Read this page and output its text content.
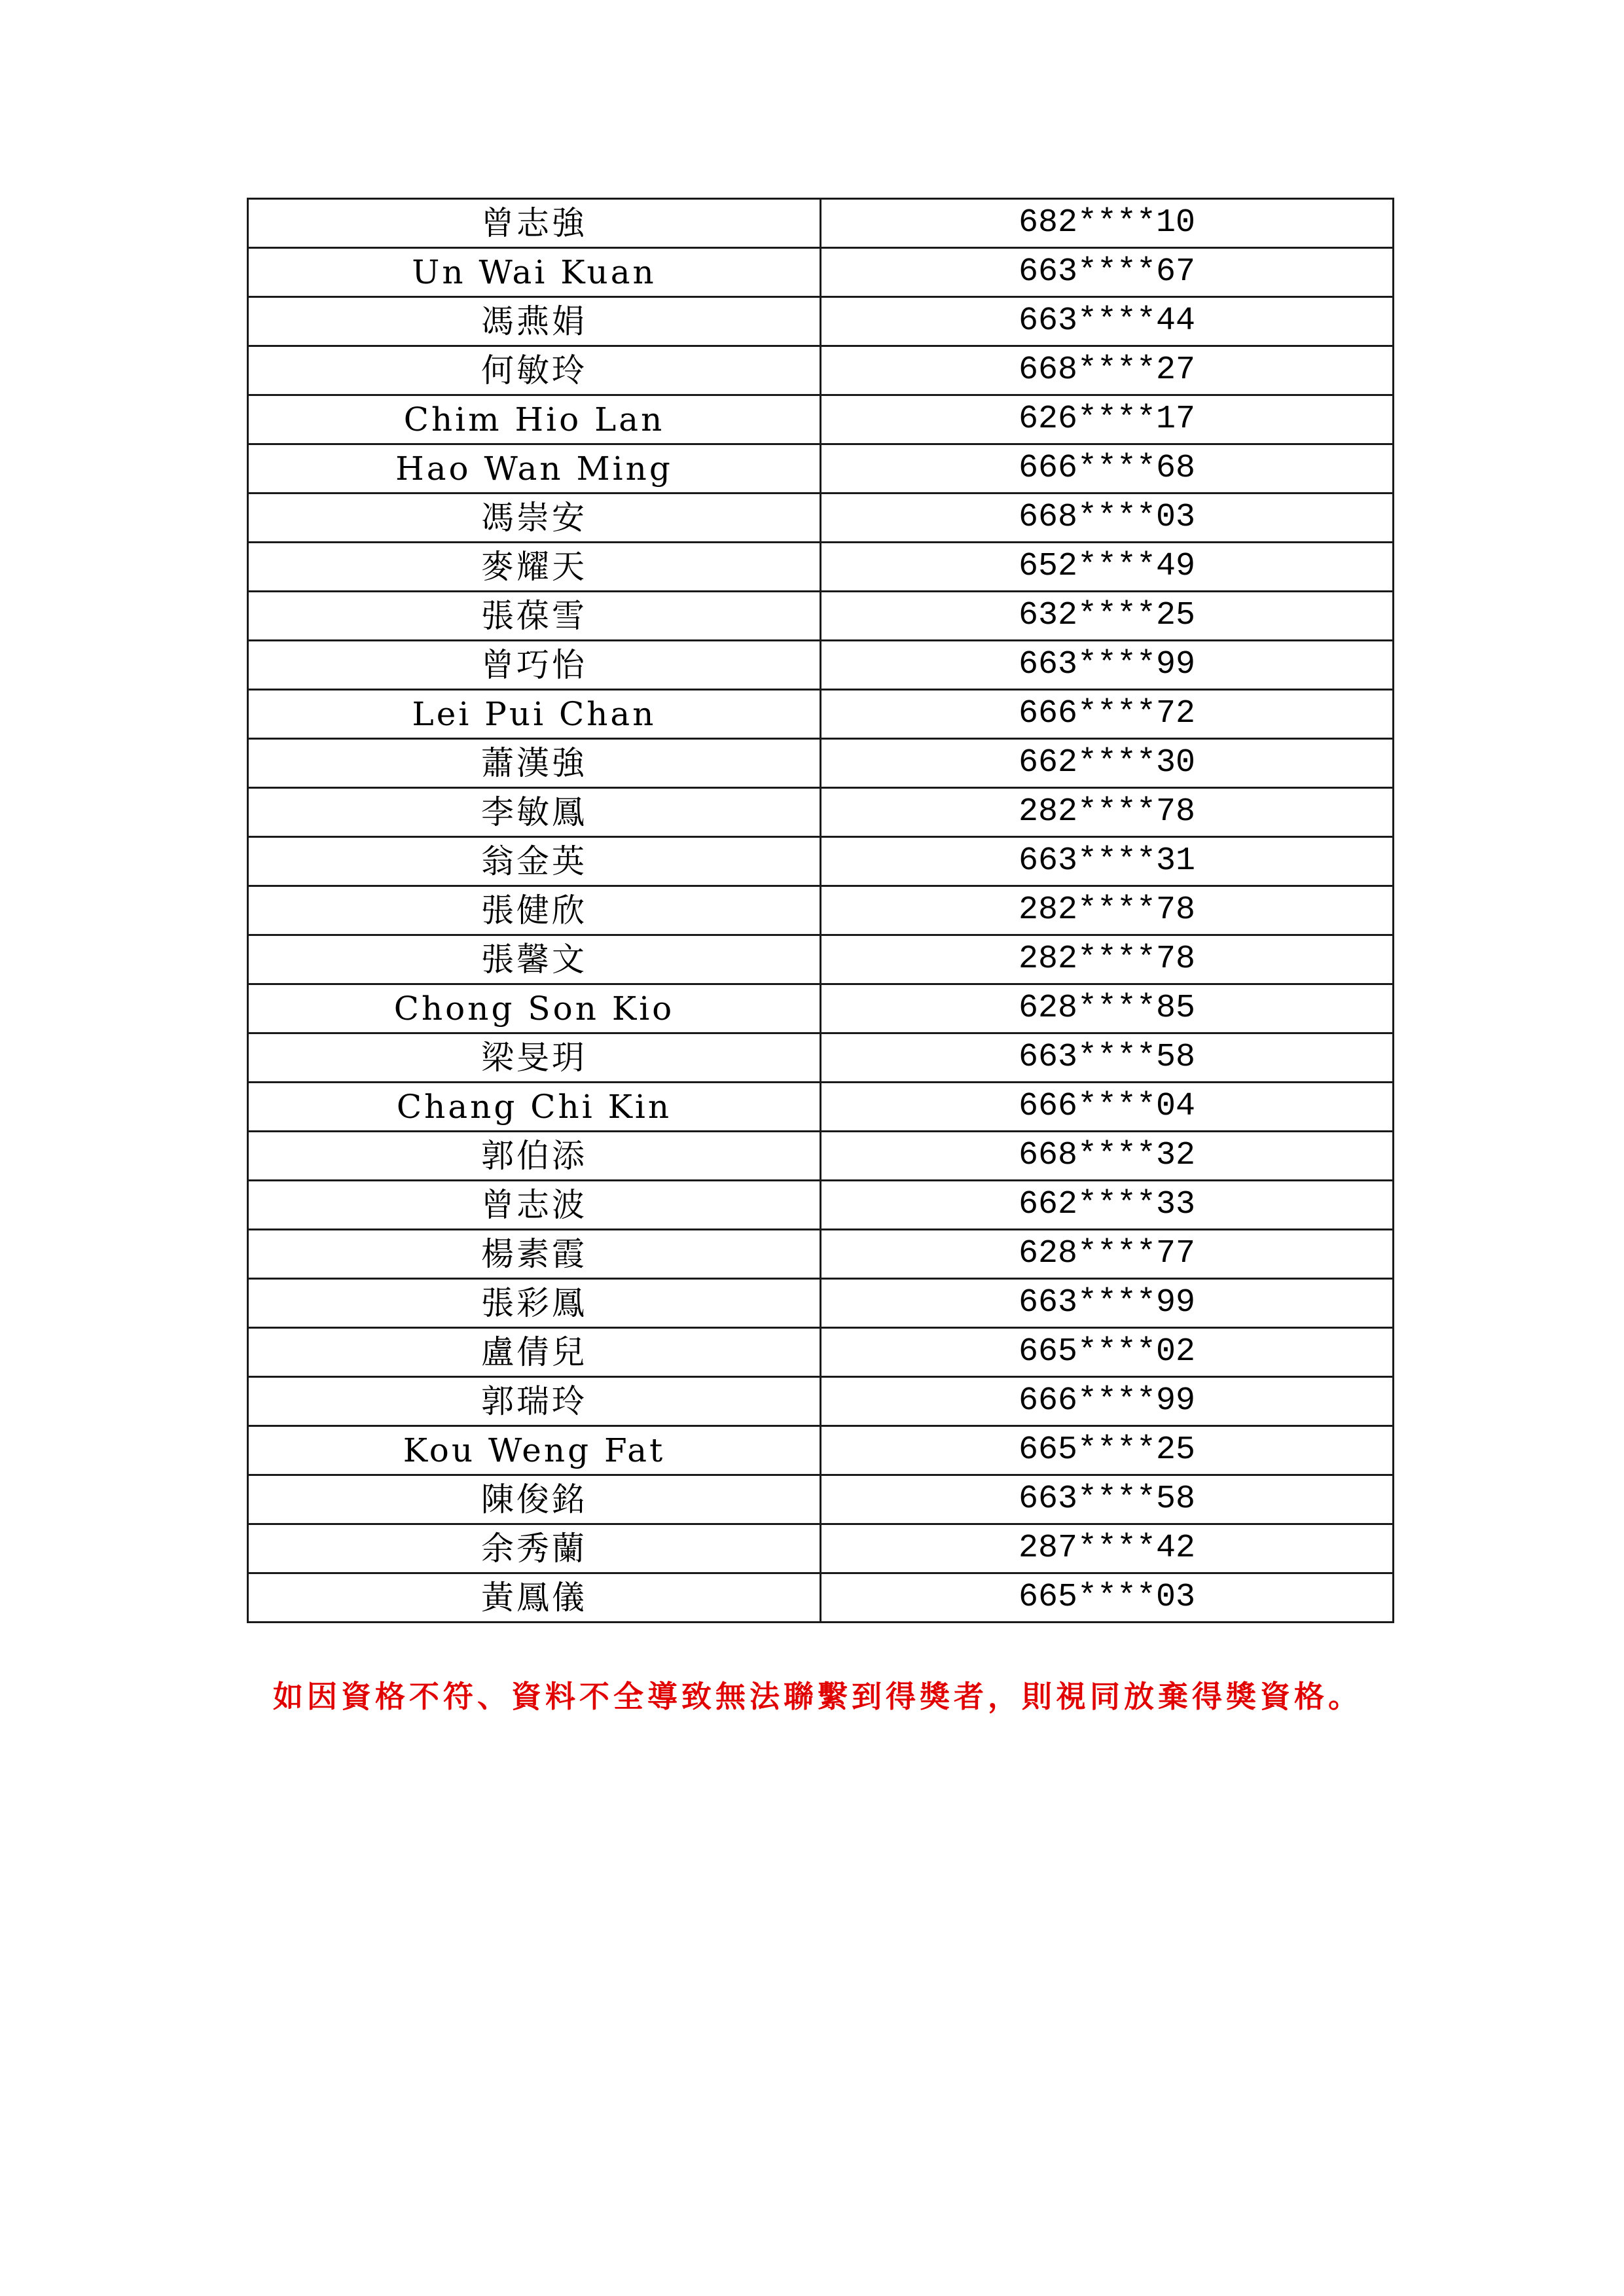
曾志強	682****10
Un Wai Kuan	663****67
馮燕娟	663****44
何敏玲	668****27
Chim Hio Lan	626****17
Hao Wan Ming	666****68
馮崇安	668****03
麥耀天	652****49
張葆雪	632****25
曾巧怡	663****99
Lei Pui Chan	666****72
蕭漢強	662****30
李敏鳳	282****78
翁金英	663****31
張健欣	282****78
張馨文	282****78
Chong Son Kio	628****85
梁旻玥	663****58
Chang Chi Kin	666****04
郭伯添	668****32
曾志波	662****33
楊素霞	628****77
張彩鳳	663****99
盧倩兒	665****02
郭瑞玲	666****99
Kou Weng Fat	665****25
陳俊銘	663****58
余秀蘭	287****42
黃鳳儀	665****03
如因資格不符、資料不全導致無法聯繫到得獎者，則視同放棄得獎資格。
